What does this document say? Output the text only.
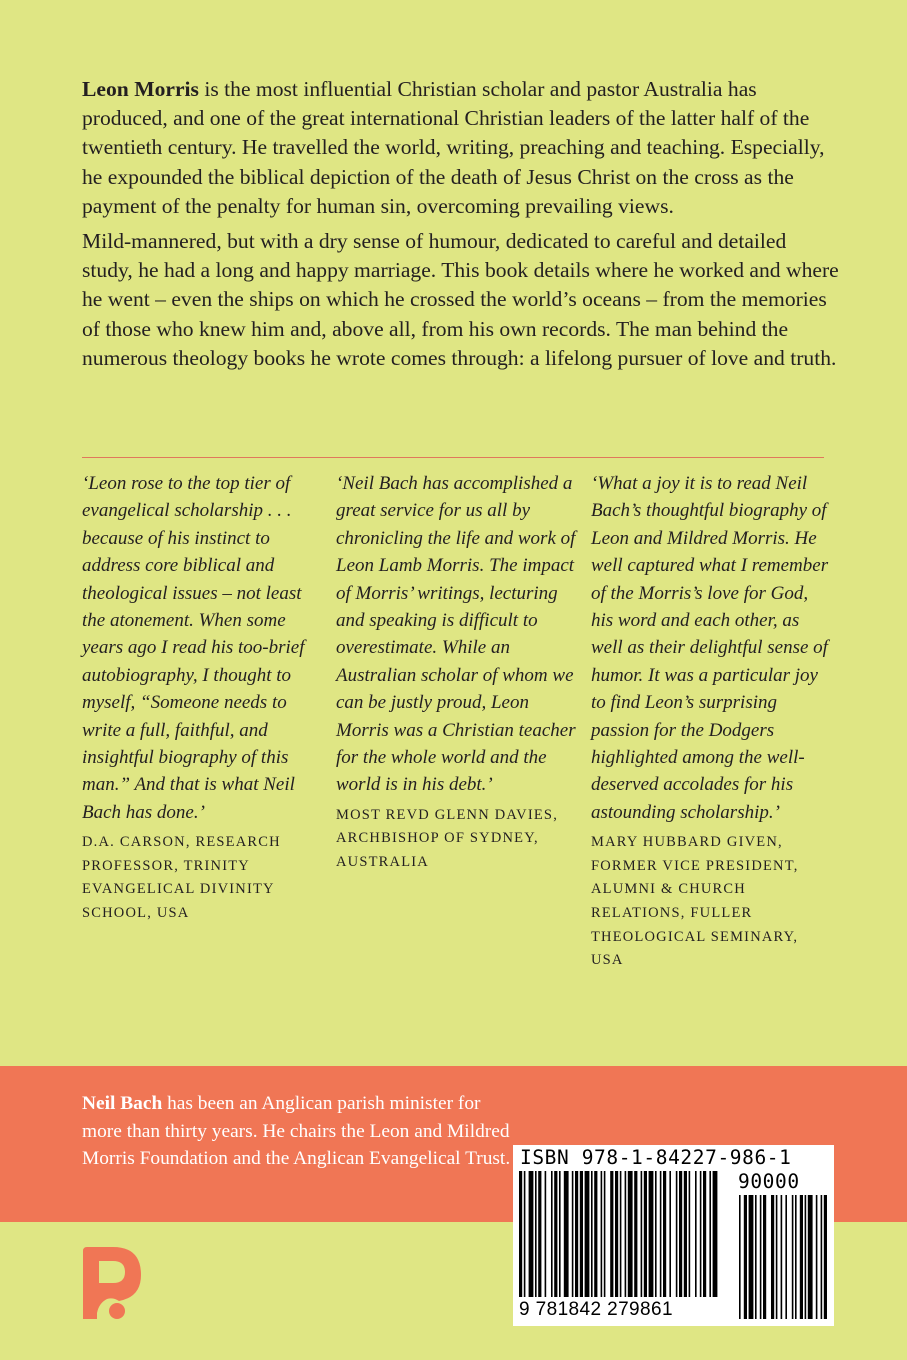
Leon Morris is the most influential Christian scholar and pastor Australia has produced, and one of the great international Christian leaders of the latter half of the twentieth century. He travelled the world, writing, preaching and teaching. Especially, he expounded the biblical depiction of the death of Jesus Christ on the cross as the payment of the penalty for human sin, overcoming prevailing views.

Mild-mannered, but with a dry sense of humour, dedicated to careful and detailed study, he had a long and happy marriage. This book details where he worked and where he went – even the ships on which he crossed the world’s oceans – from the memories of those who knew him and, above all, from his own records. The man behind the numerous theology books he wrote comes through: a lifelong pursuer of love and truth.

‘Leon rose to the top tier of evangelical scholarship . . . because of his instinct to address core biblical and theological issues – not least the atonement. When some years ago I read his too-brief autobiography, I thought to myself, “Someone needs to write a full, faithful, and insightful biography of this man.” And that is what Neil Bach has done.’
D.A. CARSON, RESEARCH PROFESSOR, TRINITY EVANGELICAL DIVINITY SCHOOL, USA
‘Neil Bach has accomplished a great service for us all by chronicling the life and work of Leon Lamb Morris. The impact of Morris’ writings, lecturing and speaking is difficult to overestimate. While an Australian scholar of whom we can be justly proud, Leon Morris was a Christian teacher for the whole world and the world is in his debt.’
MOST REVD GLENN DAVIES, ARCHBISHOP OF SYDNEY, AUSTRALIA
‘What a joy it is to read Neil Bach’s thoughtful biography of Leon and Mildred Morris. He well captured what I remember of the Morris’s love for God, his word and each other, as well as their delightful sense of humor. It was a particular joy to find Leon’s surprising passion for the Dodgers highlighted among the well-deserved accolades for his astounding scholarship.’
MARY HUBBARD GIVEN, FORMER VICE PRESIDENT, ALUMNI & CHURCH RELATIONS, FULLER THEOLOGICAL SEMINARY, USA
Neil Bach has been an Anglican parish minister for more than thirty years. He chairs the Leon and Mildred Morris Foundation and the Anglican Evangelical Trust. ISBN 978-1-84227-986-1
90000
9 781842 279861
